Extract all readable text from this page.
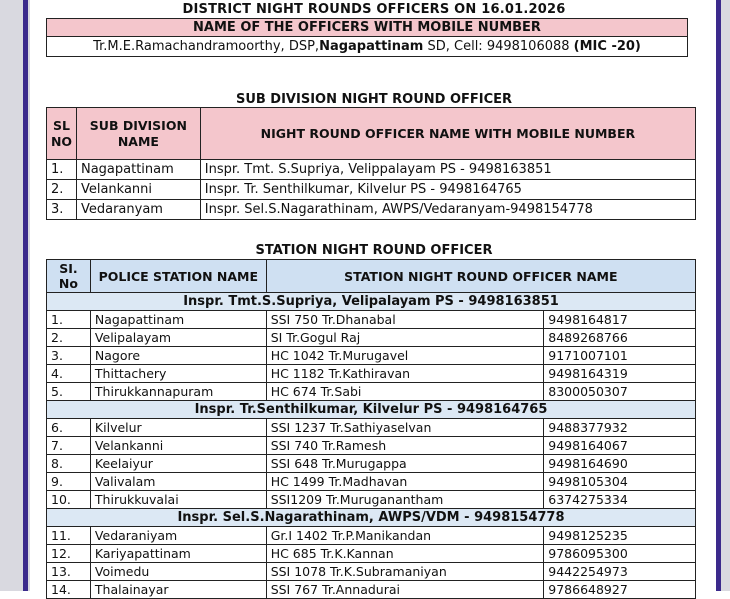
DISTRICT NIGHT ROUNDS OFFICERS ON 16.01.2026
NAME OF THE OFFICERS WITH MOBILE NUMBER
Tr.M.E.Ramachandramoorthy, DSP,Nagapattinam SD, Cell: 9498106088 (MIC -20)
SUB DIVISION NIGHT ROUND OFFICER
SL NO	SUB DIVISION NAME	NIGHT ROUND OFFICER NAME WITH MOBILE NUMBER
1.	Nagapattinam	Inspr. Tmt. S.Supriya, Velippalayam PS - 9498163851
2.	Velankanni	Inspr. Tr. Senthilkumar, Kilvelur PS - 9498164765
3.	Vedaranyam	Inspr. Sel.S.Nagarathinam, AWPS/Vedaranyam-9498154778
STATION NIGHT ROUND OFFICER
SI. No	POLICE STATION NAME	STATION NIGHT ROUND OFFICER NAME	
Inspr. Tmt.S.Supriya, Velipalayam PS - 9498163851			
1.	Nagapattinam	SSI 750 Tr.Dhanabal	9498164817
2.	Velipalayam	SI Tr.Gogul Raj	8489268766
3.	Nagore	HC 1042 Tr.Murugavel	9171007101
4.	Thittachery	HC 1182 Tr.Kathiravan	9498164319
5.	Thirukkannapuram	HC 674 Tr.Sabi	8300050307
Inspr. Tr.Senthilkumar, Kilvelur PS - 9498164765			
6.	Kilvelur	SSI 1237 Tr.Sathiyaselvan	9488377932
7.	Velankanni	SSI 740 Tr.Ramesh	9498164067
8.	Keelaiyur	SSI 648 Tr.Murugappa	9498164690
9.	Valivalam	HC 1499 Tr.Madhavan	9498105304
10.	Thirukkuvalai	SSI1209 Tr.Muruganantham	6374275334
Inspr. Sel.S.Nagarathinam, AWPS/VDM - 9498154778			
11.	Vedaraniyam	Gr.I 1402 Tr.P.Manikandan	9498125235
12.	Kariyapattinam	HC 685 Tr.K.Kannan	9786095300
13.	Voimedu	SSI 1078 Tr.K.Subramaniyan	9442254973
14.	Thalainayar	SSI 767 Tr.Annadurai	9786648927
